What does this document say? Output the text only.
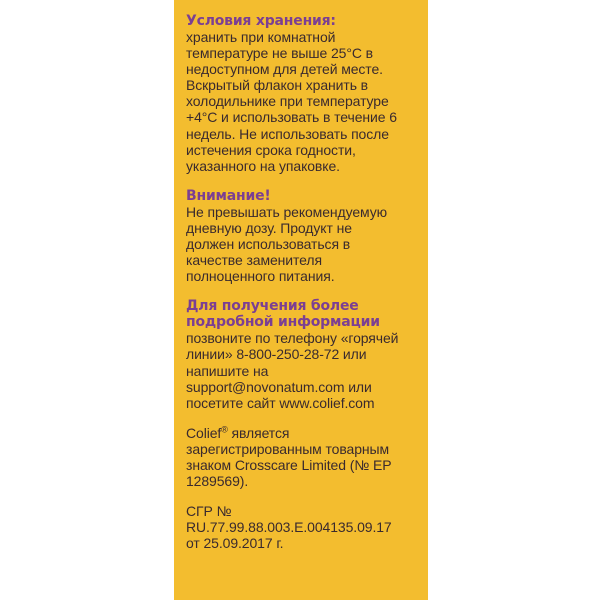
Условия хранения:

хранить при комнатной
температуре не выше 25°С в
недоступном для детей месте.
Вскрытый флакон хранить в
холодильнике при температуре
+4°С и использовать в течение 6
недель. Не использовать после
истечения срока годности,
указанного на упаковке.

Внимание!

Не превышать рекомендуемую
дневную дозу. Продукт не
должен использоваться в
качестве заменителя
полноценного питания.

Для получения более
подробной информации

позвоните по телефону «горячей
линии» 8-800-250-28-72 или
напишите на
support@novonatum.com или
посетите сайт www.colief.com

Colief® является
зарегистрированным товарным
знаком Crosscare Limited (№ ЕР
1289569).

СГР №
RU.77.99.88.003.E.004135.09.17
от 25.09.2017 г.
